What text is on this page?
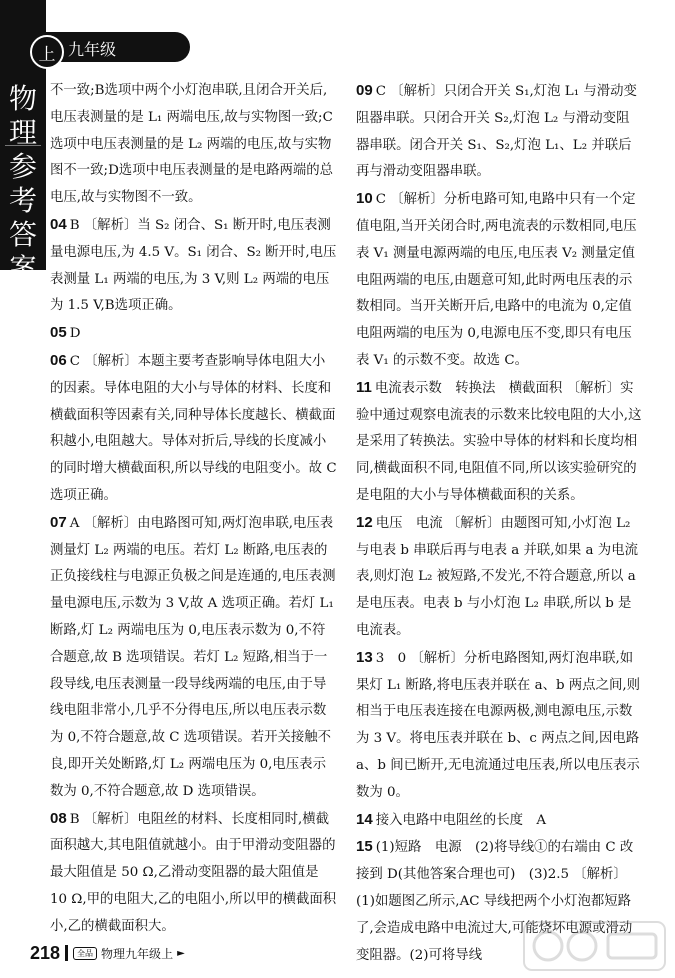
上 九年级
物
理
参
考
答
案

不一致;B选项中两个小灯泡串联,且闭合开关后,电压表测量的是 L₁ 两端电压,故与实物图一致;C选项中电压表测量的是 L₂ 两端的电压,故与实物图不一致;D选项中电压表测量的是电路两端的总电压,故与实物图不一致。

04 B 〔解析〕当 S₂ 闭合、S₁ 断开时,电压表测量电源电压,为 4.5 V。S₁ 闭合、S₂ 断开时,电压表测量 L₁ 两端的电压,为 3 V,则 L₂ 两端的电压为 1.5 V,B选项正确。

05 D

06 C 〔解析〕本题主要考查影响导体电阻大小的因素。导体电阻的大小与导体的材料、长度和横截面积等因素有关,同种导体长度越长、横截面积越小,电阻越大。导体对折后,导线的长度减小的同时增大横截面积,所以导线的电阻变小。故 C 选项正确。

07 A 〔解析〕由电路图可知,两灯泡串联,电压表测量灯 L₂ 两端的电压。若灯 L₂ 断路,电压表的正负接线柱与电源正负极之间是连通的,电压表测量电源电压,示数为 3 V,故 A 选项正确。若灯 L₁ 断路,灯 L₂ 两端电压为 0,电压表示数为 0,不符合题意,故 B 选项错误。若灯 L₂ 短路,相当于一段导线,电压表测量一段导线两端的电压,由于导线电阻非常小,几乎不分得电压,所以电压表示数为 0,不符合题意,故 C 选项错误。若开关接触不良,即开关处断路,灯 L₂ 两端电压为 0,电压表示数为 0,不符合题意,故 D 选项错误。

08 B 〔解析〕电阻丝的材料、长度相同时,横截面积越大,其电阻值就越小。由于甲滑动变阻器的最大阻值是 50 Ω,乙滑动变阻器的最大阻值是 10 Ω,甲的电阻大,乙的电阻小,所以甲的横截面积小,乙的横截面积大。

09 C 〔解析〕只闭合开关 S₁,灯泡 L₁ 与滑动变阻器串联。只闭合开关 S₂,灯泡 L₂ 与滑动变阻器串联。闭合开关 S₁、S₂,灯泡 L₁、L₂ 并联后再与滑动变阻器串联。

10 C 〔解析〕分析电路可知,电路中只有一个定值电阻,当开关闭合时,两电流表的示数相同,电压表 V₁ 测量电源两端的电压,电压表 V₂ 测量定值电阻两端的电压,由题意可知,此时两电压表的示数相同。当开关断开后,电路中的电流为 0,定值电阻两端的电压为 0,电源电压不变,即只有电压表 V₁ 的示数不变。故选 C。

11 电流表示数　转换法　横截面积 〔解析〕实验中通过观察电流表的示数来比较电阻的大小,这是采用了转换法。实验中导体的材料和长度均相同,横截面积不同,电阻值不同,所以该实验研究的是电阻的大小与导体横截面积的关系。

12 电压　电流 〔解析〕由题图可知,小灯泡 L₂ 与电表 b 串联后再与电表 a 并联,如果 a 为电流表,则灯泡 L₂ 被短路,不发光,不符合题意,所以 a 是电压表。电表 b 与小灯泡 L₂ 串联,所以 b 是电流表。

13 3　0 〔解析〕分析电路图知,两灯泡串联,如果灯 L₁ 断路,将电压表并联在 a、b 两点之间,则相当于电压表连接在电源两极,测电源电压,示数为 3 V。将电压表并联在 b、c 两点之间,因电路 a、b 间已断开,无电流通过电压表,所以电压表示数为 0。

14 接入电路中电阻丝的长度　A

15 (1)短路　电源　(2)将导线①的右端由 C 改接到 D(其他答案合理也可)　(3)2.5 〔解析〕(1)如题图乙所示,AC 导线把两个小灯泡都短路了,会造成电路中电流过大,可能烧坏电源或滑动变阻器。(2)可将导线

218	全品 物理九年级 上 ►
